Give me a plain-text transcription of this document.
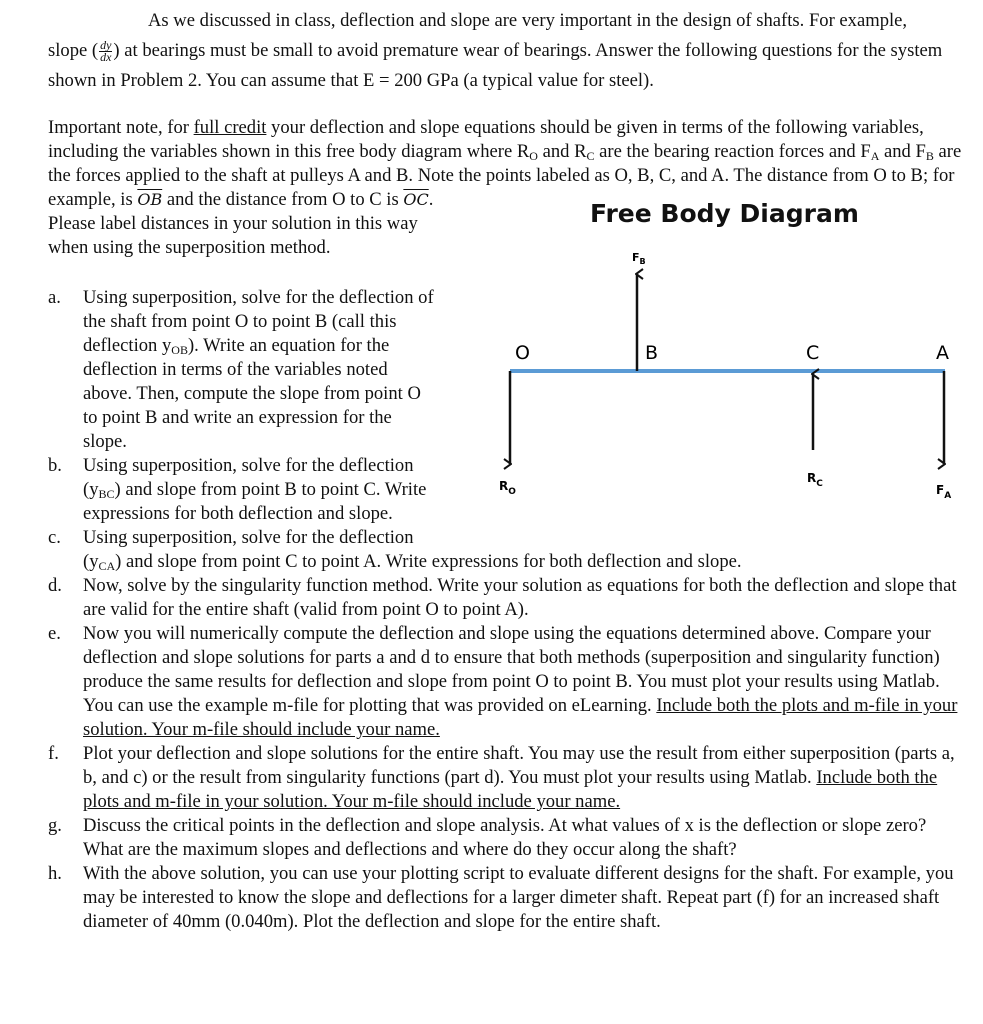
As we discussed in class, deflection and slope are very important in the design of shafts. For example, slope ( $\frac{dy}{dx}$ ) at bearings must be small to avoid premature wear of bearings. Answer the following questions for the system shown in Problem 2. You can assume that E = 200 GPa (a typical value for steel).

Important note, for full credit your deflection and slope equations should be given in terms of the following variables, including the variables shown in this free body diagram where $R_O$ and $R_C$ are the bearing reaction forces and $F_A$ and $F_B$ are the forces applied to the shaft at pulleys A and B. Note the points labeled as O, B, C, and A. The distance from O to B; for example, is $\overline{OB}$ and the distance from O to C is $\overline{OC}$. Please label distances in your solution in this way when using the superposition method.

a. Using superposition, solve for the deflection of the shaft from point O to point B (call this deflection $y_{OB}$). Write an equation for the deflection in terms of the variables noted above. Then, compute the slope from point O to point B and write an expression for the slope.
b. Using superposition, solve for the deflection $(y_{BC})$ and slope from point B to point C. Write expressions for both deflection and slope.
c. Using superposition, solve for the deflection $(y_{CA})$ and slope from point C to point A. Write expressions for both deflection and slope.
d. Now, solve by the singularity function method. Write your solution as equations for both the deflection and slope that are valid for the entire shaft (valid from point O to point A).
e. Now you will numerically compute the deflection and slope using the equations determined above. Compare your deflection and slope solutions for parts a and d to ensure that both methods (superposition and singularity function) produce the same results for deflection and slope from point O to point B. You must plot your results using Matlab. You can use the example m-file for plotting that was provided on eLearning. Include both the plots and m-file in your solution. Your m-file should include your name.
f. Plot your deflection and slope solutions for the entire shaft. You may use the result from either superposition (parts a, b, and c) or the result from singularity functions (part d). You must plot your results using Matlab. Include both the plots and m-file in your solution. Your m-file should include your name.
g. Discuss the critical points in the deflection and slope analysis. At what values of x is the deflection or slope zero? What are the maximum slopes and deflections and where do they occur along the shaft?
h. With the above solution, you can use your plotting script to evaluate different designs for the shaft. For example, you may be interested to know the slope and deflections for a larger dimeter shaft. Repeat part (f) for an increased shaft diameter of 40mm (0.040m). Plot the deflection and slope for the entire shaft.
Free Body Diagram
$F_B$
$R_O$
$R_C$	$F_A$
O	B	C	A
